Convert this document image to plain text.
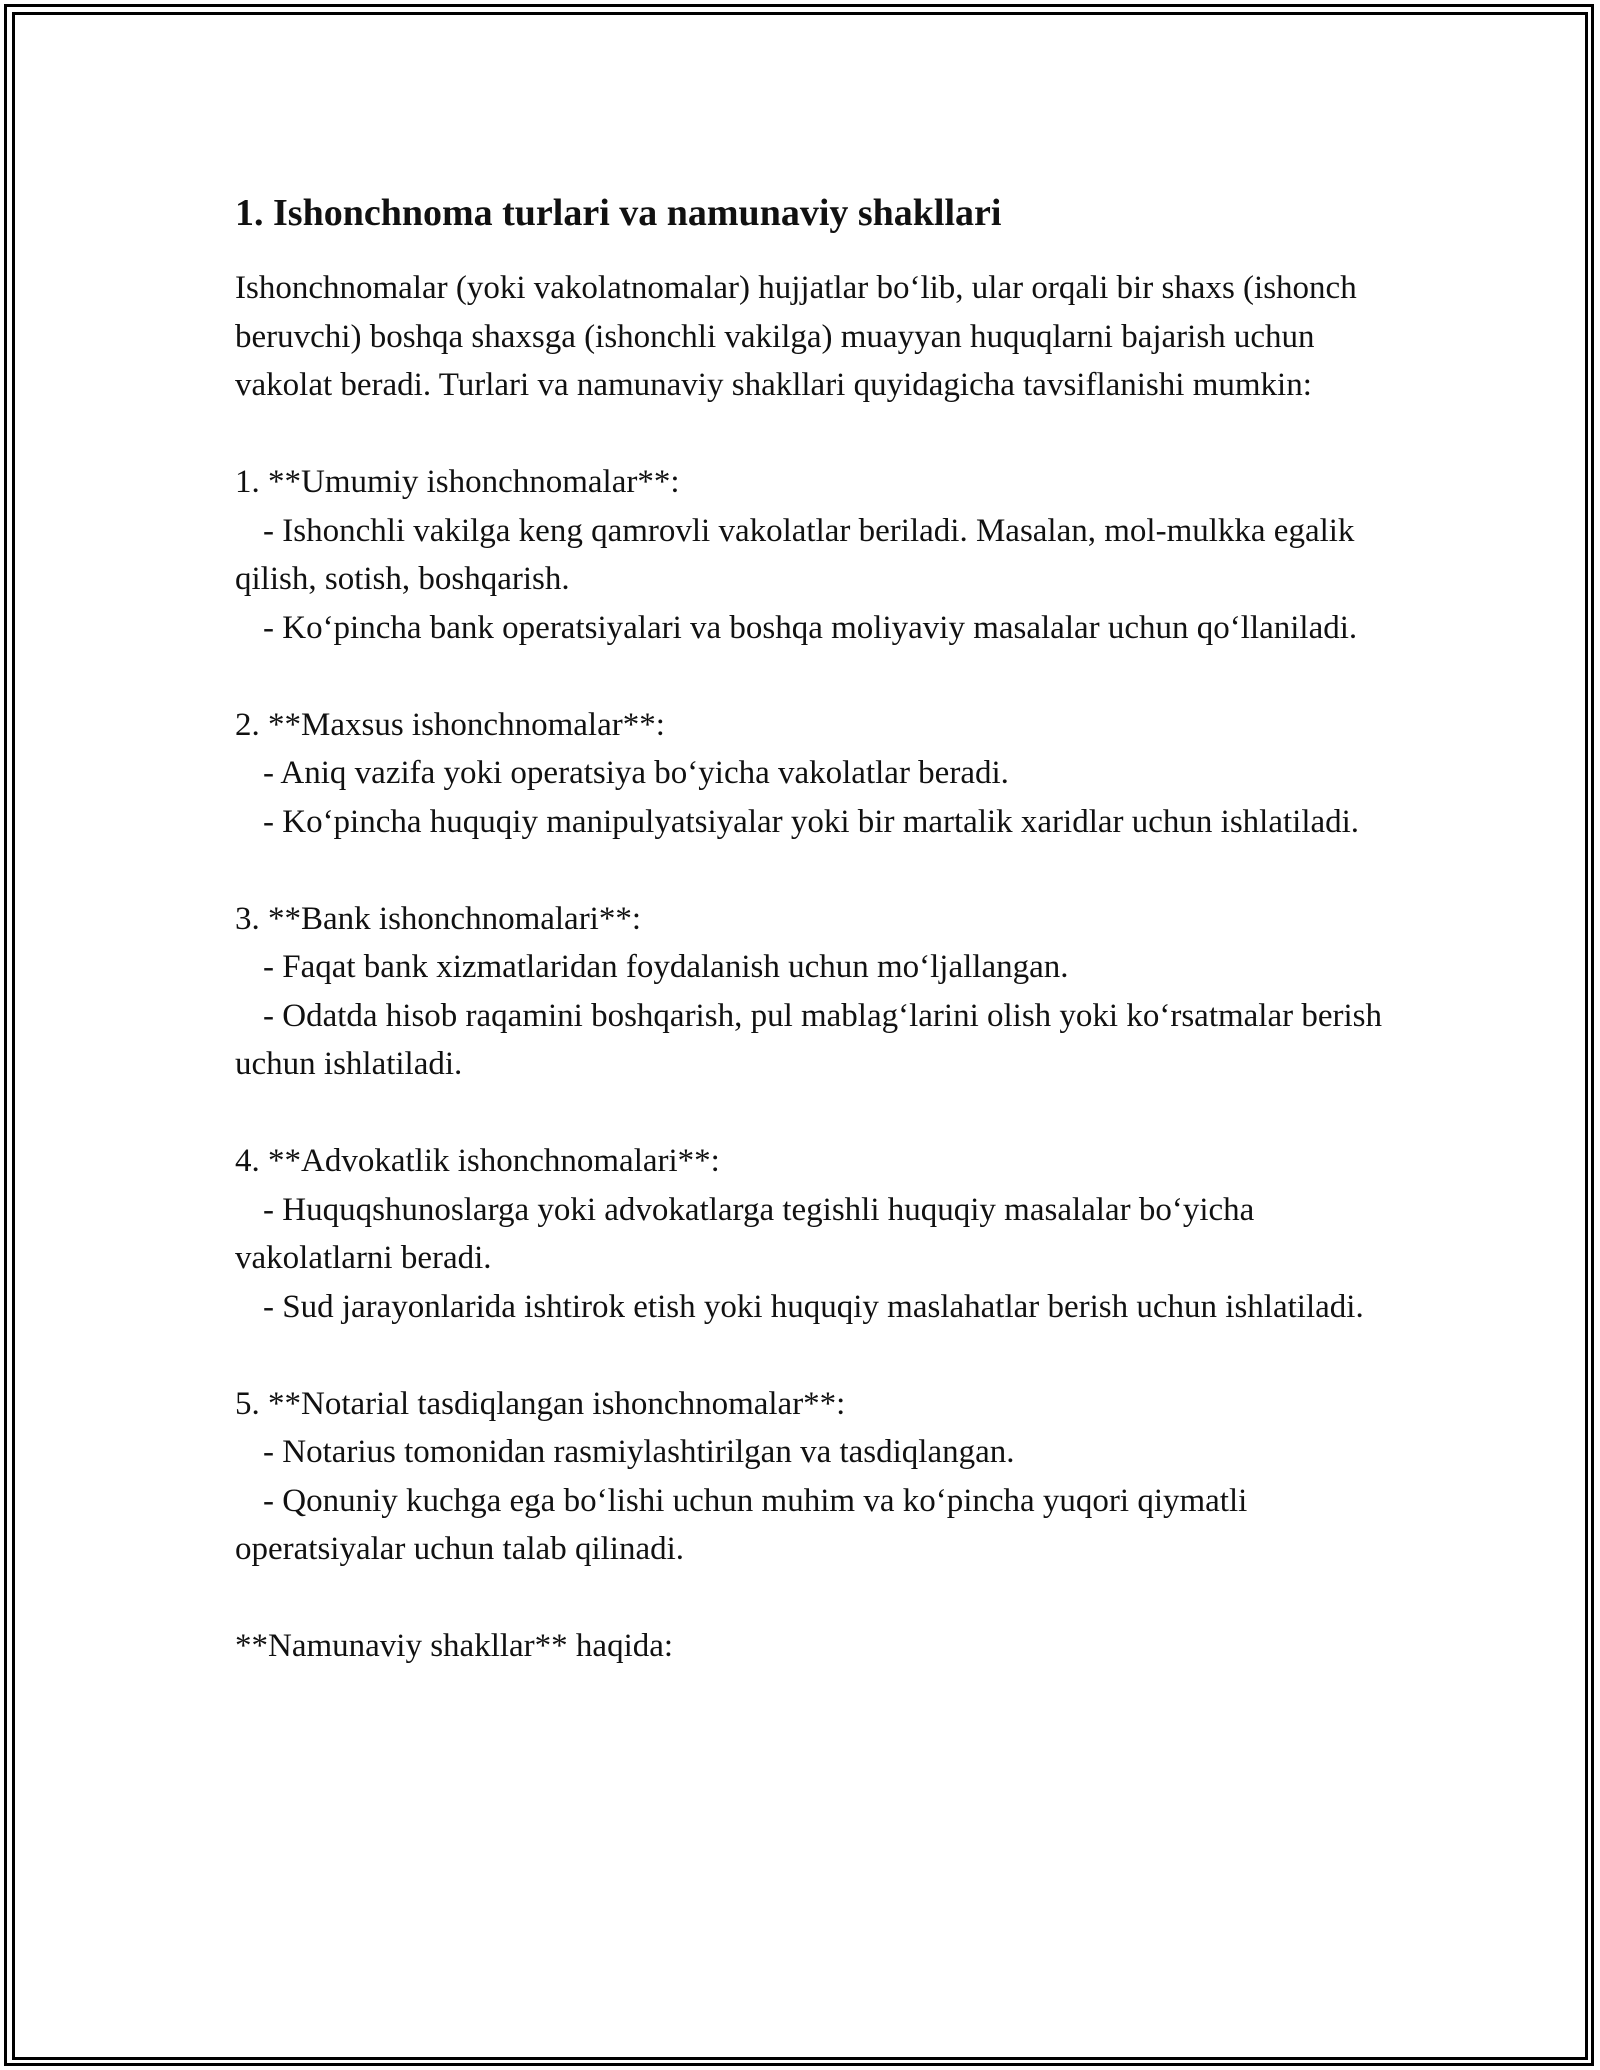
1. Ishonchnoma turlari va namunaviy shakllari

Ishonchnomalar (yoki vakolatnomalar) hujjatlar bo‘lib, ular orqali bir shaxs (ishonch beruvchi) boshqa shaxsga (ishonchli vakilga) muayyan huquqlarni bajarish uchun vakolat beradi. Turlari va namunaviy shakllari quyidagicha tavsiflanishi mumkin:

1. **Umumiy ishonchnomalar**:

- Ishonchli vakilga keng qamrovli vakolatlar beriladi. Masalan, mol-mulkka egalik qilish, sotish, boshqarish.

- Ko‘pincha bank operatsiyalari va boshqa moliyaviy masalalar uchun qo‘llaniladi.

2. **Maxsus ishonchnomalar**:

- Aniq vazifa yoki operatsiya bo‘yicha vakolatlar beradi.

- Ko‘pincha huquqiy manipulyatsiyalar yoki bir martalik xaridlar uchun ishlatiladi.

3. **Bank ishonchnomalari**:

- Faqat bank xizmatlaridan foydalanish uchun mo‘ljallangan.

- Odatda hisob raqamini boshqarish, pul mablag‘larini olish yoki ko‘rsatmalar berish uchun ishlatiladi.

4. **Advokatlik ishonchnomalari**:

- Huquqshunoslarga yoki advokatlarga tegishli huquqiy masalalar bo‘yicha vakolatlarni beradi.

- Sud jarayonlarida ishtirok etish yoki huquqiy maslahatlar berish uchun ishlatiladi.

5. **Notarial tasdiqlangan ishonchnomalar**:

- Notarius tomonidan rasmiylashtirilgan va tasdiqlangan.

- Qonuniy kuchga ega bo‘lishi uchun muhim va ko‘pincha yuqori qiymatli operatsiyalar uchun talab qilinadi.

**Namunaviy shakllar** haqida:
